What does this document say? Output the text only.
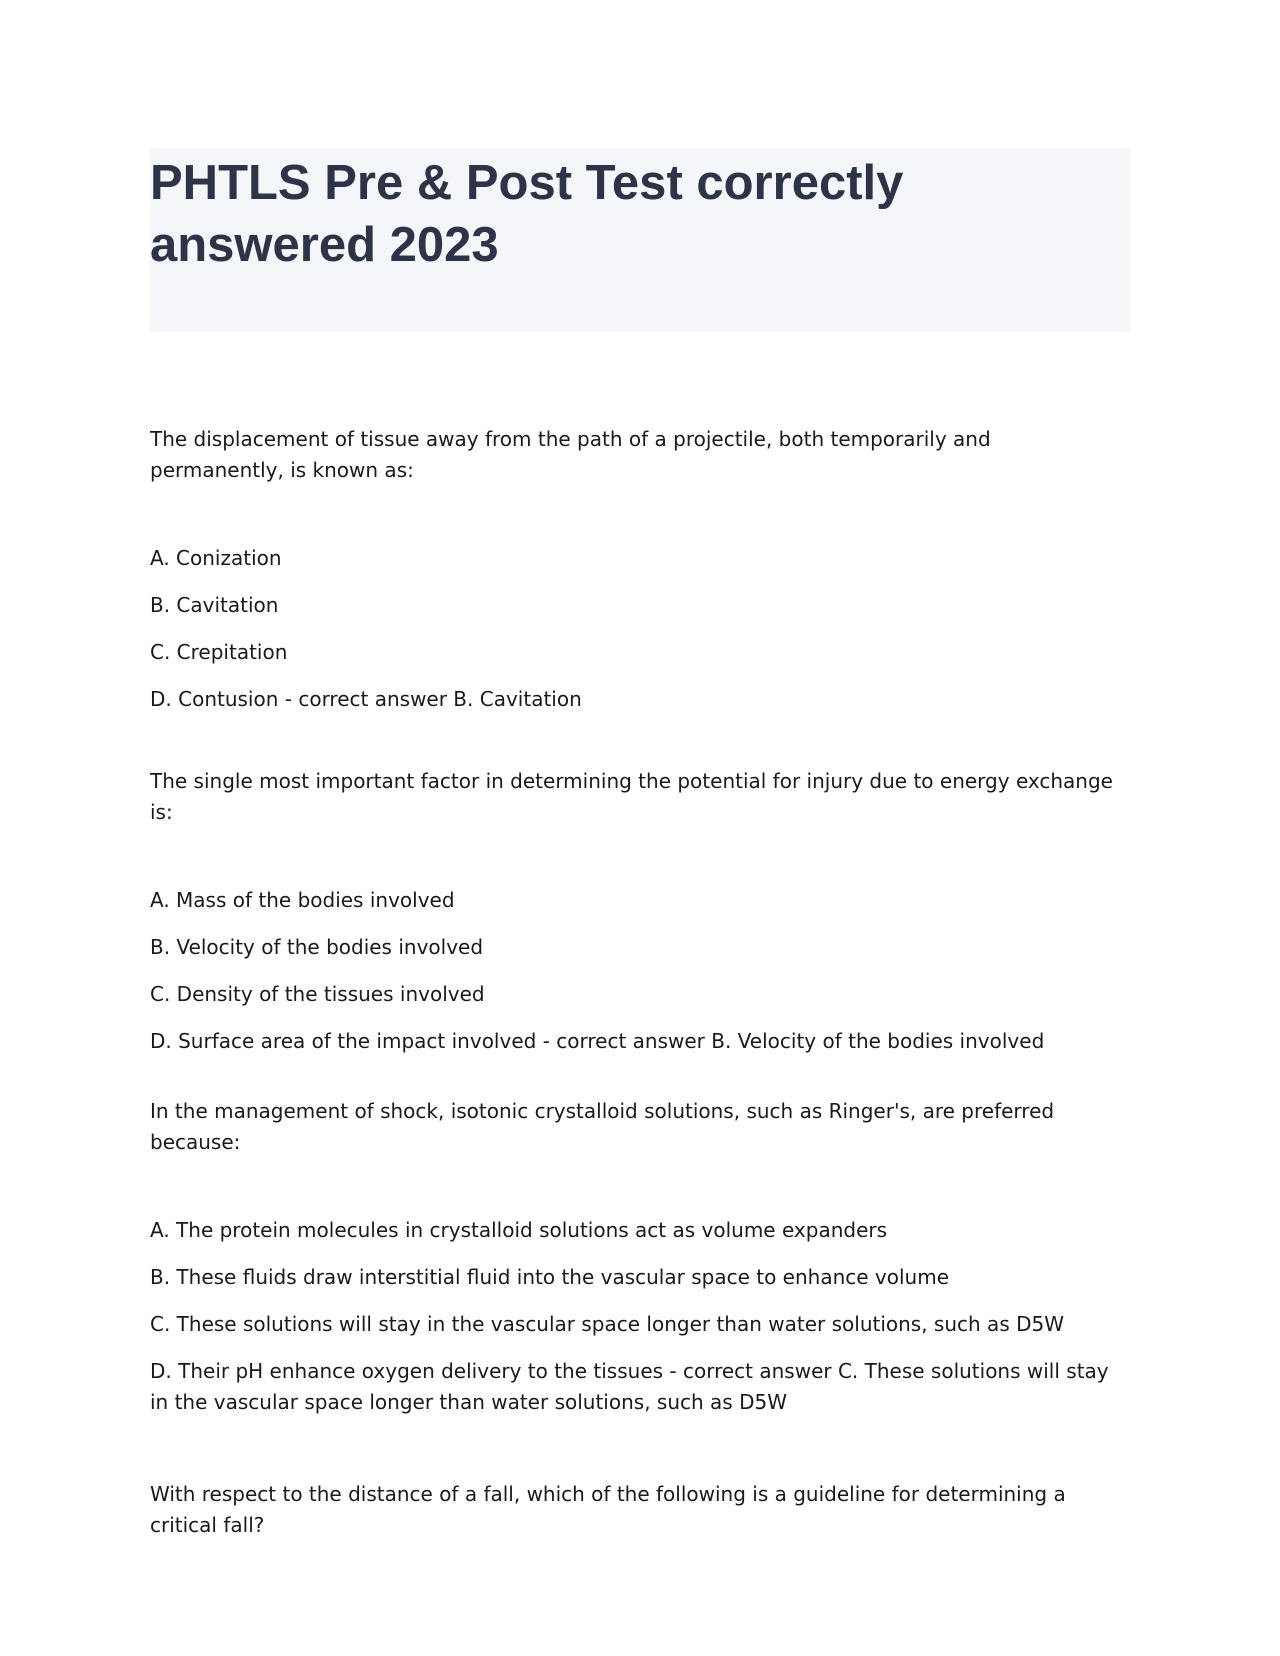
PHTLS Pre & Post Test correctly answered 2023

The displacement of tissue away from the path of a projectile, both temporarily and permanently, is known as:

A. Conization
B. Cavitation
C. Crepitation
D. Contusion - correct answer B. Cavitation

The single most important factor in determining the potential for injury due to energy exchange is:

A. Mass of the bodies involved
B. Velocity of the bodies involved
C. Density of the tissues involved
D. Surface area of the impact involved - correct answer B. Velocity of the bodies involved

In the management of shock, isotonic crystalloid solutions, such as Ringer's, are preferred because:

A. The protein molecules in crystalloid solutions act as volume expanders
B. These fluids draw interstitial fluid into the vascular space to enhance volume
C. These solutions will stay in the vascular space longer than water solutions, such as D5W
D. Their pH enhance oxygen delivery to the tissues - correct answer C. These solutions will stay in the vascular space longer than water solutions, such as D5W

With respect to the distance of a fall, which of the following is a guideline for determining a critical fall?
